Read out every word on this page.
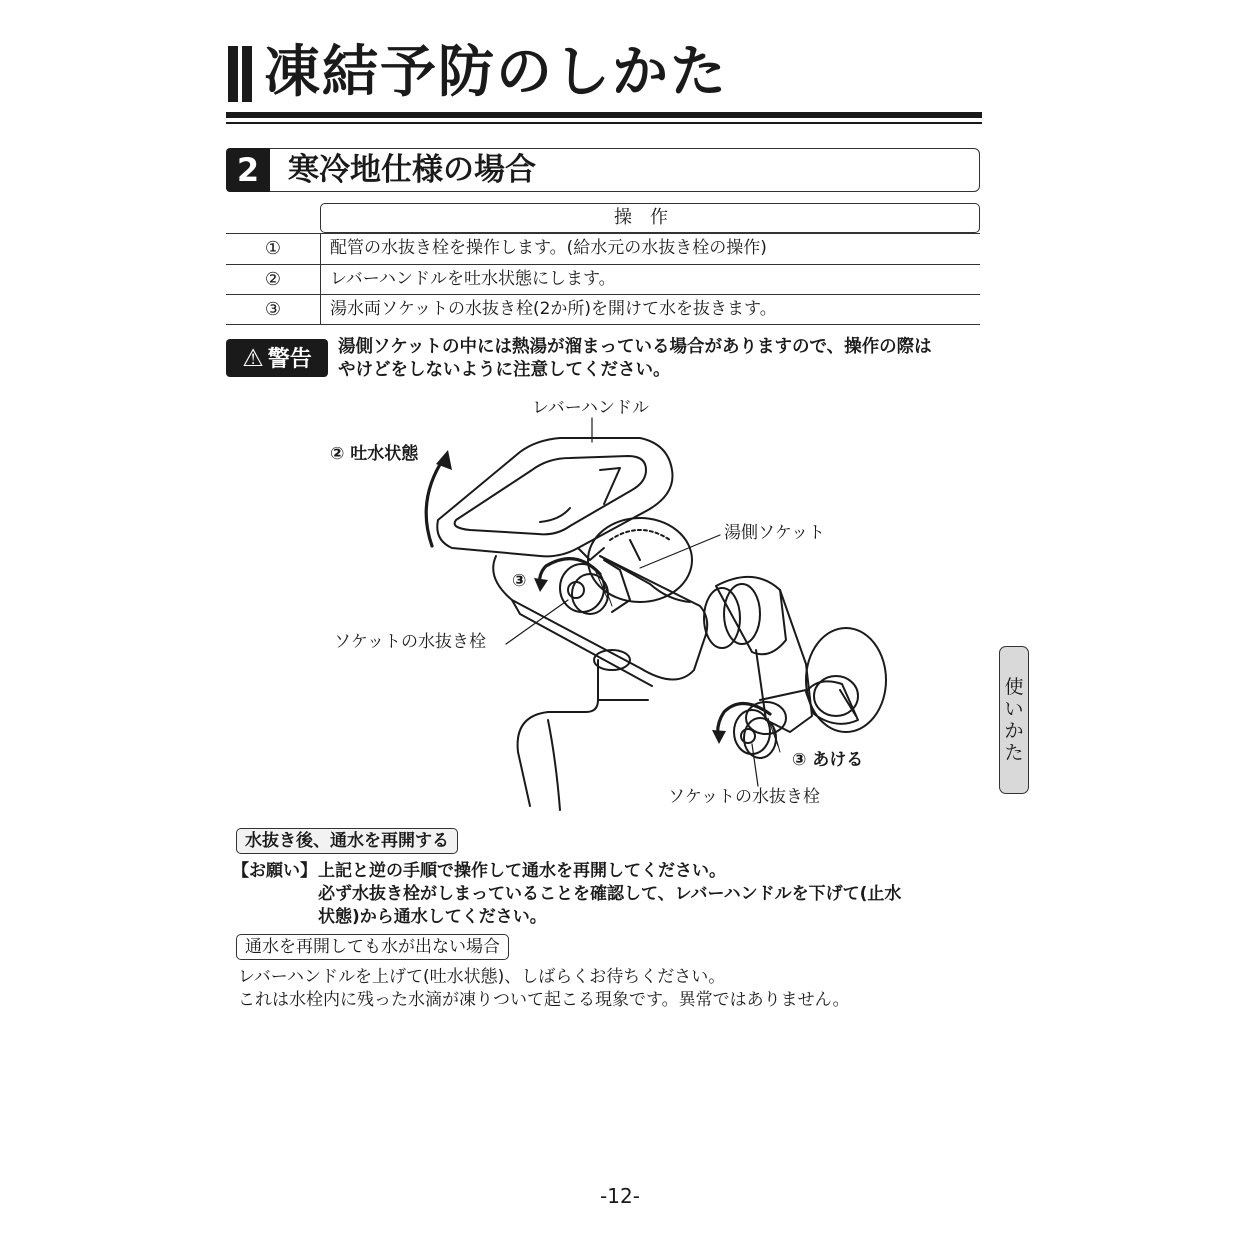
凍結予防のしかた
2 寒冷地仕様の場合
操作
①	配管の水抜き栓を操作します。(給水元の水抜き栓の操作)
②	レバーハンドルを吐水状態にします。
③	湯水両ソケットの水抜き栓(2か所)を開けて水を抜きます。
⚠ 警告	湯側ソケットの中には熱湯が溜まっている場合がありますので、操作の際は
やけどをしないように注意してください。
レバーハンドル
② 吐水状態
湯側ソケット
③
ソケットの水抜き栓
③ あける
ソケットの水抜き栓
水抜き後、通水を再開する
【お願い】 上記と逆の手順で操作して通水を再開してください。
必ず水抜き栓がしまっていることを確認して、レバーハンドルを下げて(止水
状態)から通水してください。
通水を再開しても水が出ない場合
レバーハンドルを上げて(吐水状態)、しばらくお待ちください。
これは水栓内に残った水滴が凍りついて起こる現象です。異常ではありません。
使いかた
-12-
